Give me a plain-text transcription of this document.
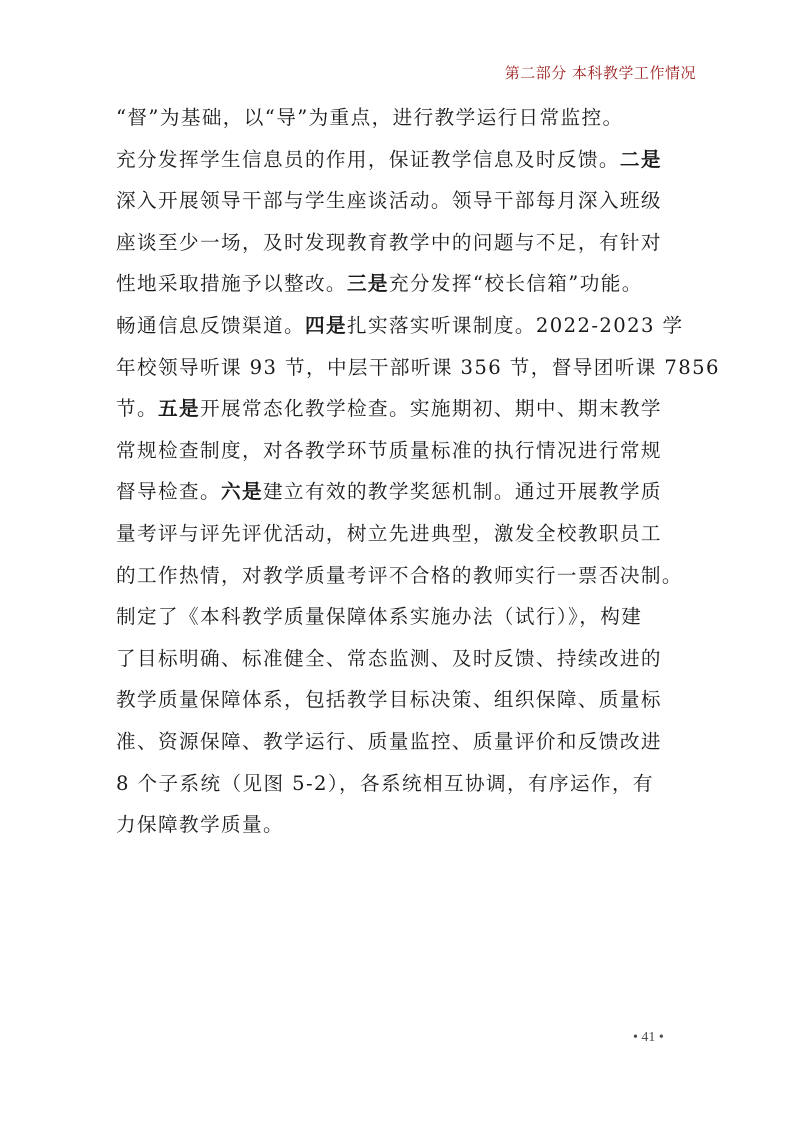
第二部分 本科教学工作情况
“督”为基础，以“导”为重点，进行教学运行日常监控。
充分发挥学生信息员的作用，保证教学信息及时反馈。二是
深入开展领导干部与学生座谈活动。领导干部每月深入班级
座谈至少一场，及时发现教育教学中的问题与不足，有针对
性地采取措施予以整改。三是充分发挥“校长信箱”功能。
畅通信息反馈渠道。四是扎实落实听课制度。2022-2023 学
年校领导听课 93 节，中层干部听课 356 节，督导团听课 7856
节。五是开展常态化教学检查。实施期初、期中、期末教学
常规检查制度，对各教学环节质量标准的执行情况进行常规
督导检查。六是建立有效的教学奖惩机制。通过开展教学质
量考评与评先评优活动，树立先进典型，激发全校教职员工
的工作热情，对教学质量考评不合格的教师实行一票否决制。
制定了《本科教学质量保障体系实施办法（试行）》，构建
了目标明确、标准健全、常态监测、及时反馈、持续改进的
教学质量保障体系，包括教学目标决策、组织保障、质量标
准、资源保障、教学运行、质量监控、质量评价和反馈改进
8 个子系统（见图 5-2），各系统相互协调，有序运作，有
力保障教学质量。
• 41 •
